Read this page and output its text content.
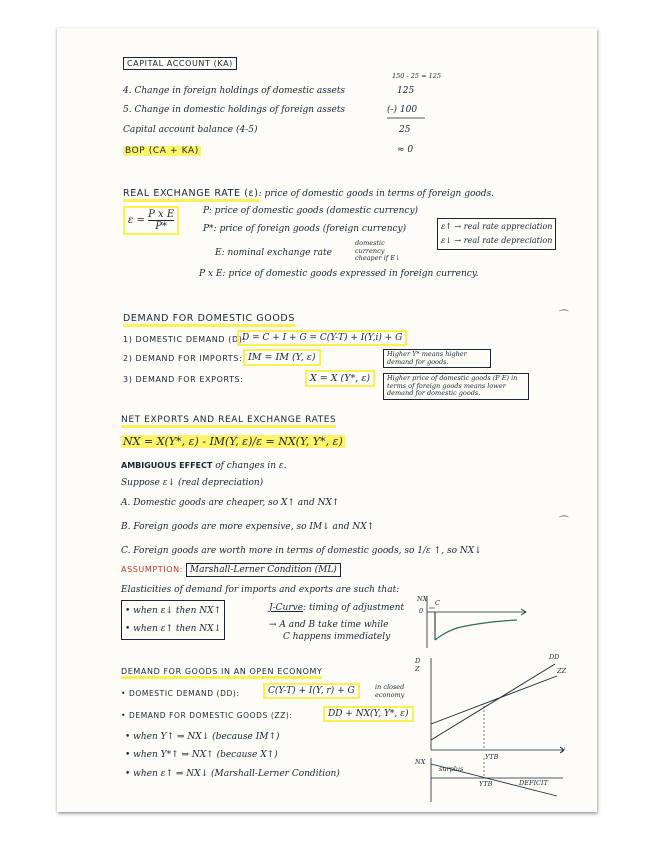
CAPITAL ACCOUNT (KA)
150 - 25 = 125
4. Change in foreign holdings of domestic assets	125
5. Change in domestic holdings of foreign assets	(-) 100
Capital account balance (4-5)	25
BOP (CA + KA)	≈ 0
REAL EXCHANGE RATE (ε): price of domestic goods in terms of foreign goods.
$\varepsilon = \frac{\text{P x E}}{P*}$	P: price of domestic goods (domestic currency)
P*: price of foreign goods (foreign currency)
E: nominal exchange rate
domestic currency cheaper if E↓
P x E: price of domestic goods expressed in foreign currency.
ε↑ → real rate appreciation
ε↓ → real rate depreciation
DEMAND FOR DOMESTIC GOODS	⌒
1) DOMESTIC DEMAND (D):
D = C + I + G = C(Y-T) + I(Y,i) + G
2) DEMAND FOR IMPORTS: IM = IM (Y, ε)	Higher Y* means higher demand for goods.
3) DEMAND FOR EXPORTS:	X = X (Y*, ε)	Higher price of domestic goods (P E) in terms of foreign goods means lower demand for domestic goods.
NET EXPORTS AND REAL EXCHANGE RATES
NX = X(Y*, ε) - IM(Y, ε)/ε = NX(Y, Y*, ε)
AMBIGUOUS EFFECT of changes in ε.
Suppose ε↓ (real depreciation)
A. Domestic goods are cheaper, so X↑ and NX↑
⌒
B. Foreign goods are more expensive, so IM↓ and NX↑
C. Foreign goods are worth more in terms of domestic goods, so 1/ε ↑, so NX↓
ASSUMPTION: Marshall-Lerner Condition (ML)
Elasticities of demand for imports and exports are such that:
• when ε↓ then NX↑
• when ε↑ then NX↓
J-Curve: timing of adjustment
→ A and B take time while
C happens immediately
NX
0
C
DEMAND FOR GOODS IN AN OPEN ECONOMY
• DOMESTIC DEMAND (DD):	C(Y-T) + I(Y, r) + G	in closed economy
• DEMAND FOR DOMESTIC GOODS (ZZ):	DD + NX(Y, Y*, ε)
• when Y↑ ⇒ NX↓ (because IM↑)
• when Y*↑ ⇒ NX↑ (because X↑)
• when ε↑ ⇒ NX↓ (Marshall-Lerner Condition)
D Z
DD
ZZ
YTB
y
NX
surplus
YTB	DEFICIT
